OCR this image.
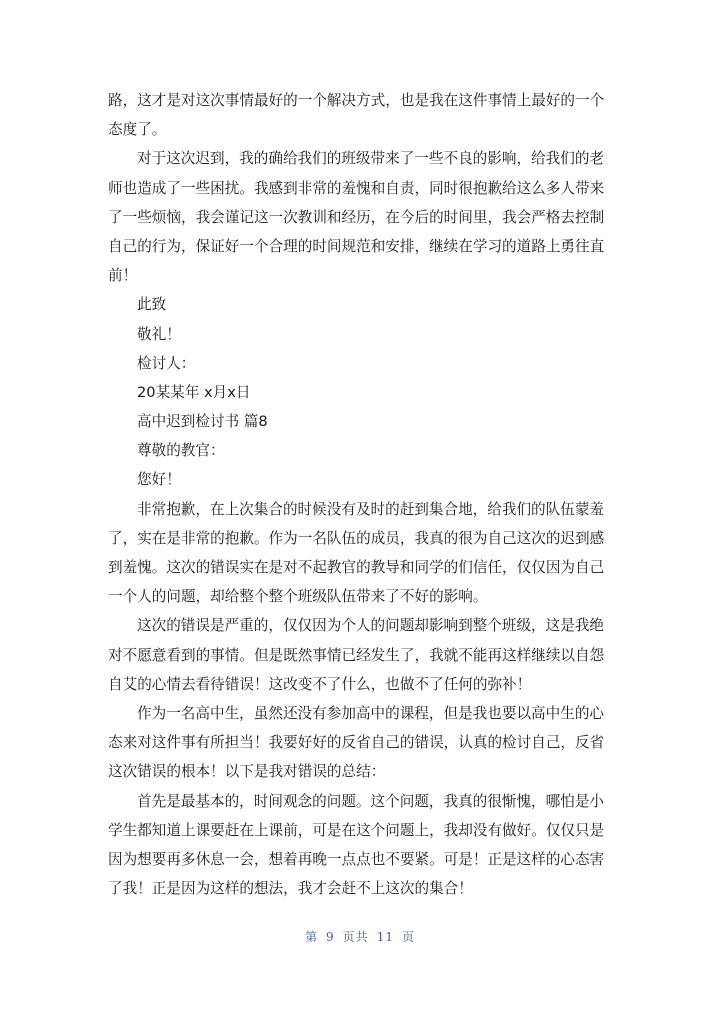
路，这才是对这次事情最好的一个解决方式，也是我在这件事情上最好的一个
态度了。
对于这次迟到，我的确给我们的班级带来了一些不良的影响，给我们的老
师也造成了一些困扰。我感到非常的羞愧和自责，同时很抱歉给这么多人带来
了一些烦恼，我会谨记这一次教训和经历，在今后的时间里，我会严格去控制
自己的行为，保证好一个合理的时间规范和安排，继续在学习的道路上勇往直
前！
此致
敬礼！
检讨人：
20某某年 x月x日
高中迟到检讨书 篇8
尊敬的教官：
您好！
非常抱歉，在上次集合的时候没有及时的赶到集合地，给我们的队伍蒙羞
了，实在是非常的抱歉。作为一名队伍的成员，我真的很为自己这次的迟到感
到羞愧。这次的错误实在是对不起教官的教导和同学的们信任，仅仅因为自己
一个人的问题，却给整个整个班级队伍带来了不好的影响。
这次的错误是严重的，仅仅因为个人的问题却影响到整个班级，这是我绝
对不愿意看到的事情。但是既然事情已经发生了，我就不能再这样继续以自怨
自艾的心情去看待错误！这改变不了什么，也做不了任何的弥补！
作为一名高中生，虽然还没有参加高中的课程，但是我也要以高中生的心
态来对这件事有所担当！我要好好的反省自己的错误，认真的检讨自己，反省
这次错误的根本！以下是我对错误的总结：
首先是最基本的，时间观念的问题。这个问题，我真的很惭愧，哪怕是小
学生都知道上课要赶在上课前，可是在这个问题上，我却没有做好。仅仅只是
因为想要再多休息一会，想着再晚一点点也不要紧。可是！正是这样的心态害
了我！正是因为这样的想法，我才会赶不上这次的集合！
第 9 页共 11 页
